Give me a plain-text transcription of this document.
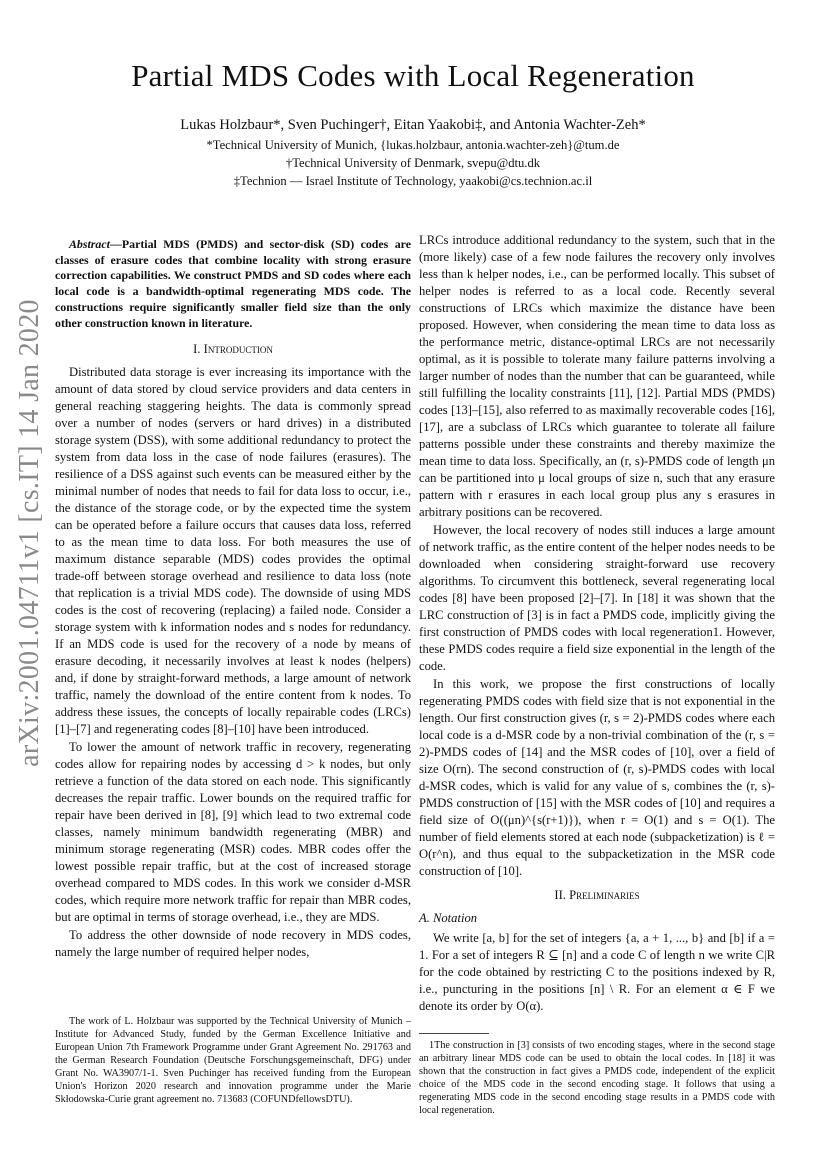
arXiv:2001.04711v1 [cs.IT] 14 Jan 2020
Partial MDS Codes with Local Regeneration
Lukas Holzbaur*, Sven Puchinger†, Eitan Yaakobi‡, and Antonia Wachter-Zeh*
*Technical University of Munich, {lukas.holzbaur, antonia.wachter-zeh}@tum.de
†Technical University of Denmark, svepu@dtu.dk
‡Technion — Israel Institute of Technology, yaakobi@cs.technion.ac.il

Abstract—Partial MDS (PMDS) and sector-disk (SD) codes are classes of erasure codes that combine locality with strong erasure correction capabilities. We construct PMDS and SD codes where each local code is a bandwidth-optimal regenerating MDS code. The constructions require significantly smaller field size than the only other construction known in literature.

I. Introduction

Distributed data storage is ever increasing its importance with the amount of data stored by cloud service providers and data centers in general reaching staggering heights. The data is commonly spread over a number of nodes (servers or hard drives) in a distributed storage system (DSS), with some additional redundancy to protect the system from data loss in the case of node failures (erasures). The resilience of a DSS against such events can be measured either by the minimal number of nodes that needs to fail for data loss to occur, i.e., the distance of the storage code, or by the expected time the system can be operated before a failure occurs that causes data loss, referred to as the mean time to data loss. For both measures the use of maximum distance separable (MDS) codes provides the optimal trade-off between storage overhead and resilience to data loss (note that replication is a trivial MDS code). The downside of using MDS codes is the cost of recovering (replacing) a failed node. Consider a storage system with k information nodes and s nodes for redundancy. If an MDS code is used for the recovery of a node by means of erasure decoding, it necessarily involves at least k nodes (helpers) and, if done by straight-forward methods, a large amount of network traffic, namely the download of the entire content from k nodes. To address these issues, the concepts of locally repairable codes (LRCs) [1]–[7] and regenerating codes [8]–[10] have been introduced.

To lower the amount of network traffic in recovery, regenerating codes allow for repairing nodes by accessing d > k nodes, but only retrieve a function of the data stored on each node. This significantly decreases the repair traffic. Lower bounds on the required traffic for repair have been derived in [8], [9] which lead to two extremal code classes, namely minimum bandwidth regenerating (MBR) and minimum storage regenerating (MSR) codes. MBR codes offer the lowest possible repair traffic, but at the cost of increased storage overhead compared to MDS codes. In this work we consider d-MSR codes, which require more network traffic for repair than MBR codes, but are optimal in terms of storage overhead, i.e., they are MDS.

To address the other downside of node recovery in MDS codes, namely the large number of required helper nodes,

LRCs introduce additional redundancy to the system, such that in the (more likely) case of a few node failures the recovery only involves less than k helper nodes, i.e., can be performed locally. This subset of helper nodes is referred to as a local code. Recently several constructions of LRCs which maximize the distance have been proposed. However, when considering the mean time to data loss as the performance metric, distance-optimal LRCs are not necessarily optimal, as it is possible to tolerate many failure patterns involving a larger number of nodes than the number that can be guaranteed, while still fulfilling the locality constraints [11], [12]. Partial MDS (PMDS) codes [13]–[15], also referred to as maximally recoverable codes [16], [17], are a subclass of LRCs which guarantee to tolerate all failure patterns possible under these constraints and thereby maximize the mean time to data loss. Specifically, an (r, s)-PMDS code of length μn can be partitioned into μ local groups of size n, such that any erasure pattern with r erasures in each local group plus any s erasures in arbitrary positions can be recovered.

However, the local recovery of nodes still induces a large amount of network traffic, as the entire content of the helper nodes needs to be downloaded when considering straight-forward use recovery algorithms. To circumvent this bottleneck, several regenerating local codes [8] have been proposed [2]–[7]. In [18] it was shown that the LRC construction of [3] is in fact a PMDS code, implicitly giving the first construction of PMDS codes with local regeneration1. However, these PMDS codes require a field size exponential in the length of the code.

In this work, we propose the first constructions of locally regenerating PMDS codes with field size that is not exponential in the length. Our first construction gives (r, s = 2)-PMDS codes where each local code is a d-MSR code by a non-trivial combination of the (r, s = 2)-PMDS codes of [14] and the MSR codes of [10], over a field of size O(rn). The second construction of (r, s)-PMDS codes with local d-MSR codes, which is valid for any value of s, combines the (r, s)-PMDS construction of [15] with the MSR codes of [10] and requires a field size of O((μn)^{s(r+1)}), when r = O(1) and s = O(1). The number of field elements stored at each node (subpacketization) is ℓ = O(r^n), and thus equal to the subpacketization in the MSR code construction of [10].

II. Preliminaries
A. Notation

We write [a, b] for the set of integers {a, a + 1, ..., b} and [b] if a = 1. For a set of integers R ⊆ [n] and a code C of length n we write C|R for the code obtained by restricting C to the positions indexed by R, i.e., puncturing in the positions [n] \ R. For an element α ∈ F we denote its order by O(α).

The work of L. Holzbaur was supported by the Technical University of Munich – Institute for Advanced Study, funded by the German Excellence Initiative and European Union 7th Framework Programme under Grant Agreement No. 291763 and the German Research Foundation (Deutsche Forschungsgemeinschaft, DFG) under Grant No. WA3907/1-1. Sven Puchinger has received funding from the European Union's Horizon 2020 research and innovation programme under the Marie Skłodowska-Curie grant agreement no. 713683 (COFUNDfellowsDTU).
1The construction in [3] consists of two encoding stages, where in the second stage an arbitrary linear MDS code can be used to obtain the local codes. In [18] it was shown that the construction in fact gives a PMDS code, independent of the explicit choice of the MDS code in the second encoding stage. It follows that using a regenerating MDS code in the second encoding stage results in a PMDS code with local regeneration.
